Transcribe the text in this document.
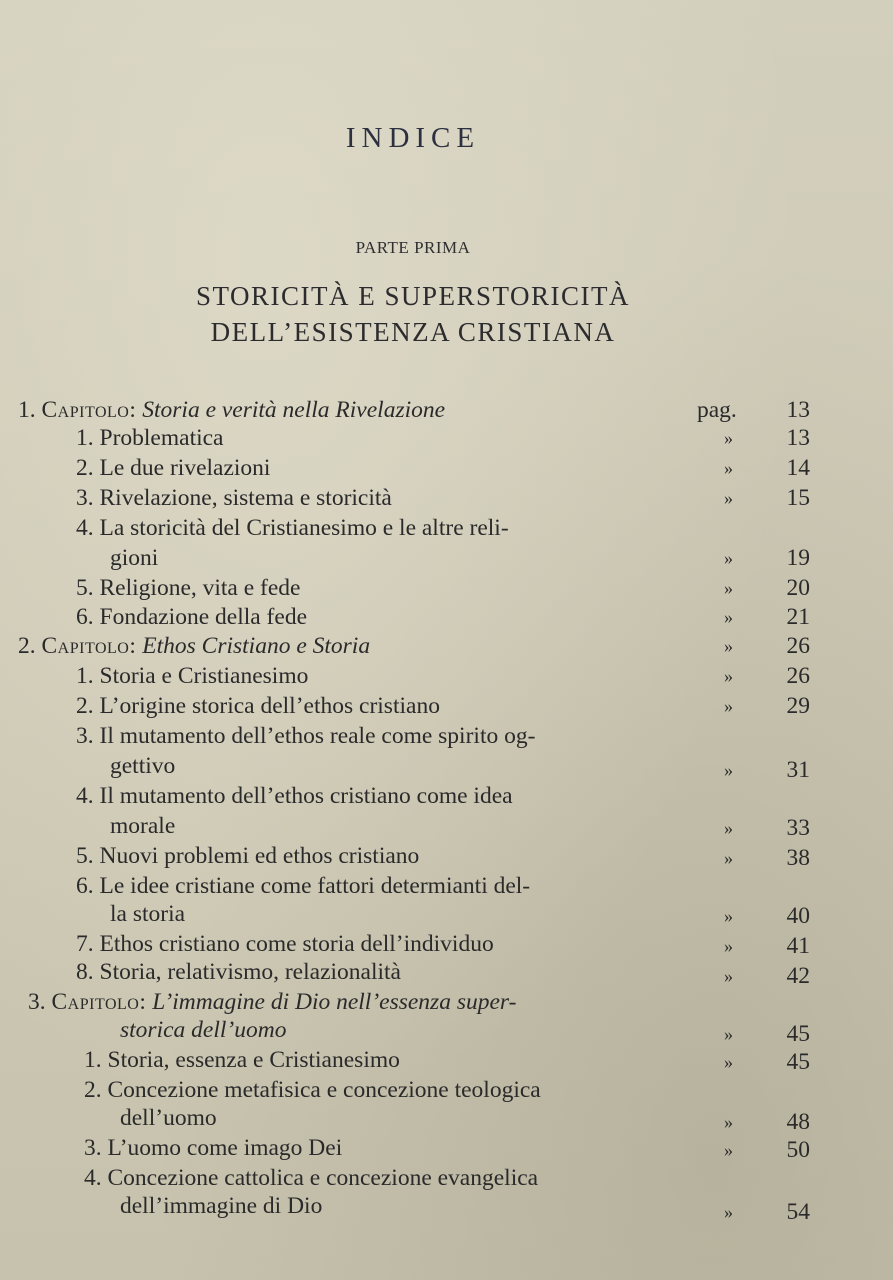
INDICE
PARTE PRIMA
STORICITÀ E SUPERSTORICITÀ
DELL’ESISTENZA CRISTIANA
1. Capitolo: Storia e verità nella Rivelazione	pag.	13
1. Problematica	»	13
2. Le due rivelazioni	»	14
3. Rivelazione, sistema e storicità	»	15
4. La storicità del Cristianesimo e le altre reli-
gioni	»	19
5. Religione, vita e fede	»	20
6. Fondazione della fede	»	21
2. Capitolo: Ethos Cristiano e Storia	»	26
1. Storia e Cristianesimo	»	26
2. L’origine storica dell’ethos cristiano	»	29
3. Il mutamento dell’ethos reale come spirito og-
gettivo	»	31
4. Il mutamento dell’ethos cristiano come idea
morale	»	33
5. Nuovi problemi ed ethos cristiano	»	38
6. Le idee cristiane come fattori determianti del-
la storia	»	40
7. Ethos cristiano come storia dell’individuo	»	41
8. Storia, relativismo, relazionalità	»	42
3. Capitolo: L’immagine di Dio nell’essenza super-
storica dell’uomo	»	45
1. Storia, essenza e Cristianesimo	»	45
2. Concezione metafisica e concezione teologica
dell’uomo	»	48
3. L’uomo come imago Dei	»	50
4. Concezione cattolica e concezione evangelica
dell’immagine di Dio	»	54
